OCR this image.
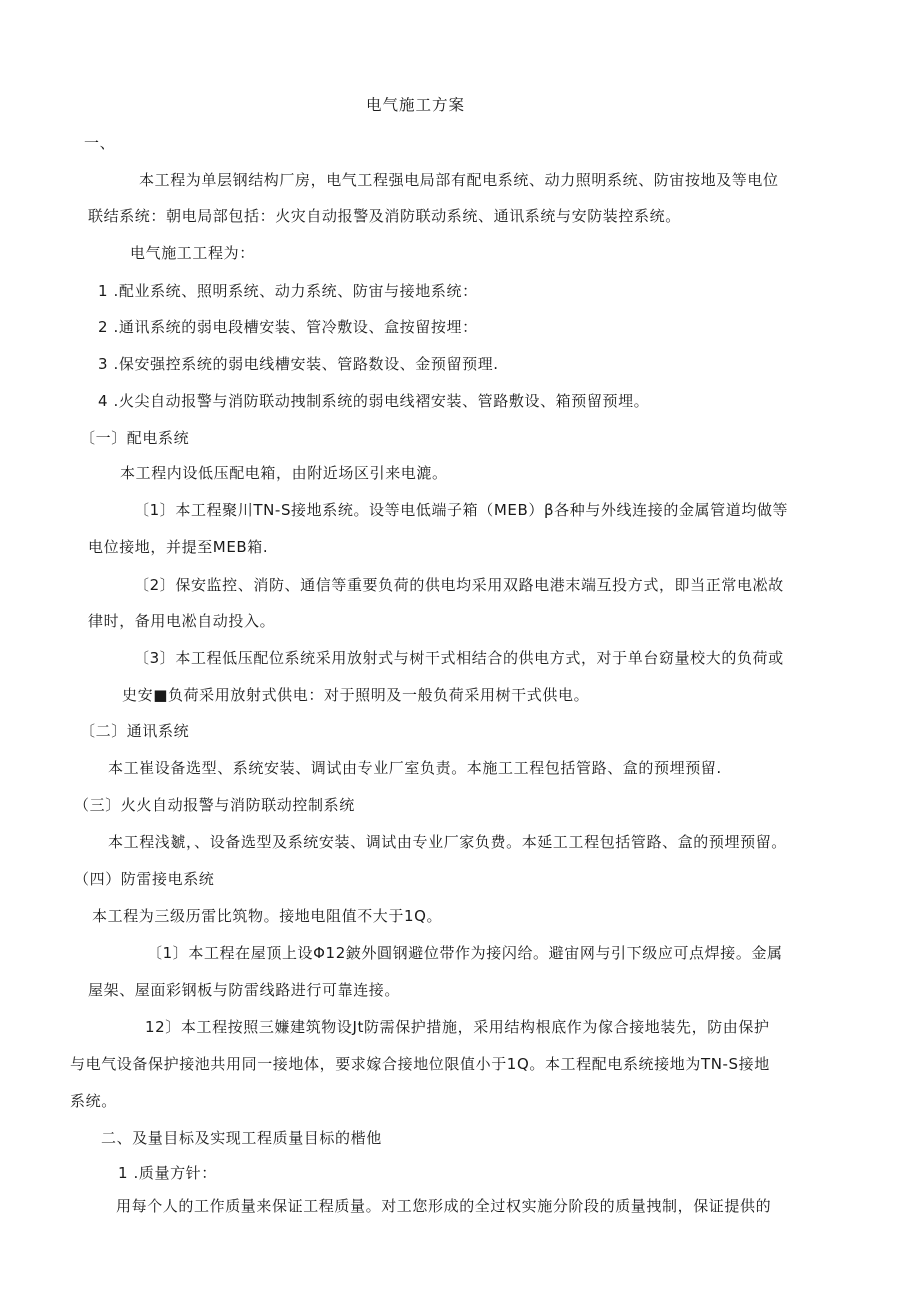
电气施工方案
一、
本工程为单层钢结构厂房，电气工程强电局部有配电系统、动力照明系统、防宙按地及等电位
联结系统：朝电局部包括：火灾自动报警及消防联动系统、通讯系统与安防装控系统。
电气施工工程为：
1 .配业系统、照明系统、动力系统、防宙与接地系统：
2 .通讯系统的弱电段槽安装、管冷敷设、盒按留按埋：
3 .保安强控系统的弱电线槽安装、管路数设、金预留预理.
4 .火尖自动报警与消防联动拽制系统的弱电线褶安装、管路敷设、箱预留预埋。
〔一〕配电系统
本工程内设低压配电箱，由附近场区引来电漉。
〔1〕本工程聚川TN-S接地系统。设等电低端子箱（MEB）β各种与外线连接的金属管道均做等
电位接地，并提至MEB箱.
〔2〕保安监控、消防、通信等重要负荷的供电均采用双路电港末端互投方式，即当正常电凇故
律时，备用电凇自动投入。
〔3〕本工程低压配位系统采用放射式与树干式相结合的供电方式，对于单台窈量校大的负荷或
史安■负荷采用放射式供电：对于照明及一般负荷采用树干式供电。
〔二〕通讯系统
本工崔设备选型、系统安装、调试由专业厂室负责。本施工工程包括管路、盒的预埋预留.
（三〕火火自动报警与消防联动控制系统
本工程浅虦，、设备选型及系统安装、调试由专业厂家负费。本延工工程包括管路、盒的预埋预留。
（四）防雷接电系统
本工程为三级历雷比筑物。接地电阻值不大于1Q。
〔1〕本工程在屋顶上设Φ12鈹外圓钢避位带作为接闪给。避宙网与引下级应可点焊接。金属
屋架、屋面彩钢板与防雷线路进行可靠连接。
12〕本工程按照三嬚建筑物设Jt防需保护措施，采用结构根底作为傢合接地装先，防由保护
与电气设备保护接池共用同一接地体，要求嫁合接地位限值小于1Q。本工程配电系统接地为TN-S接地
系统。
二、及量目标及实现工程质量目标的楷他
1 .质量方针：
用每个人的工作质量来保证工程质量。对工您形成的全过权实施分阶段的质量拽制，保证提供的
